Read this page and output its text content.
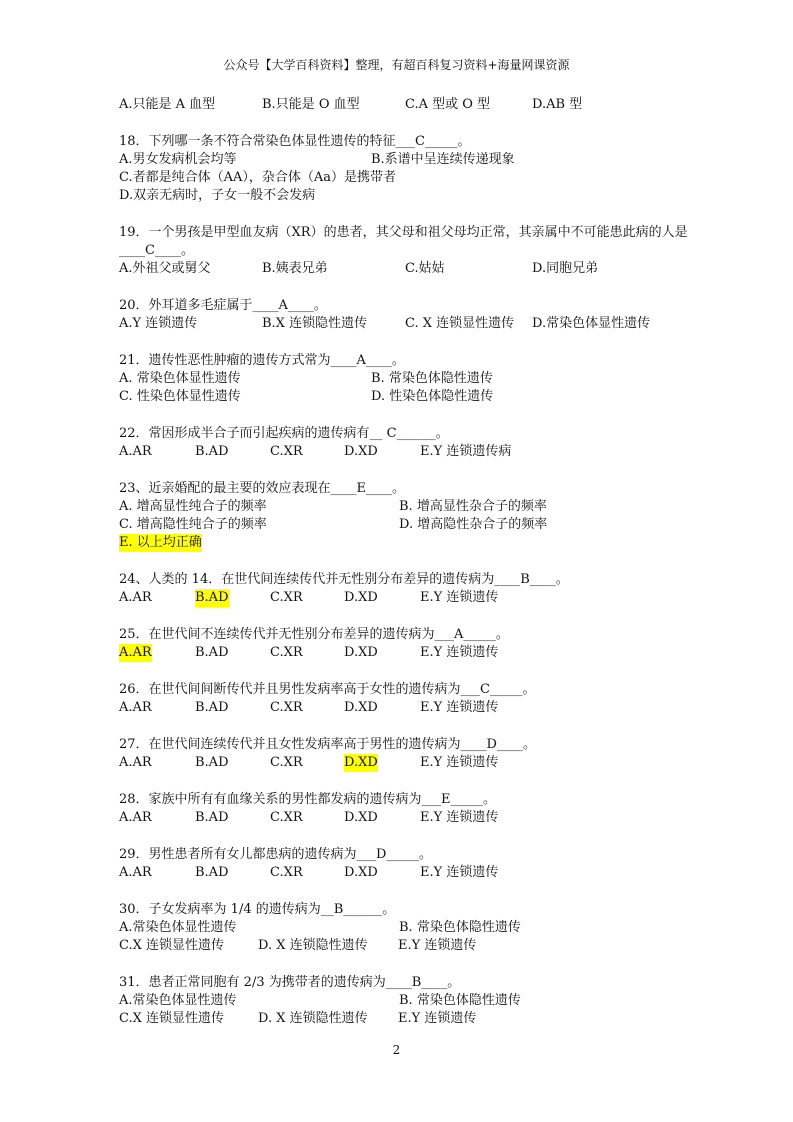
公众号【大学百科资料】整理，有超百科复习资料+海量网课资源
A.只能是 A 血型	B.只能是 O 血型	C.A 型或 O 型	D.AB 型
18．下列哪一条不符合常染色体显性遗传的特征___C_____。
A.男女发病机会均等	B.系谱中呈连续传递现象
C.者都是纯合体（AA），杂合体（Aa）是携带者
D.双亲无病时，子女一般不会发病
19．一个男孩是甲型血友病（XR）的患者，其父母和祖父母均正常，其亲属中不可能患此病的人是____C____。
A.外祖父或舅父	B.姨表兄弟	C.姑姑	D.同胞兄弟
20．外耳道多毛症属于____A____。
A.Y 连锁遗传	B.X 连锁隐性遗传	C. X 连锁显性遗传 D.常染色体显性遗传
21．遗传性恶性肿瘤的遗传方式常为____A____。
A. 常染色体显性遗传	B. 常染色体隐性遗传
C. 性染色体显性遗传	D. 性染色体隐性遗传
22．常因形成半合子而引起疾病的遗传病有__ C______。
A.AR	B.AD	C.XR	D.XD	E.Y 连锁遗传病
23、近亲婚配的最主要的效应表现在____E____。
A. 增高显性纯合子的频率	B. 增高显性杂合子的频率
C. 增高隐性纯合子的频率	D. 增高隐性杂合子的频率
E. 以上均正确
24、人类的 14．在世代间连续传代并无性别分布差异的遗传病为____B____。
A.AR	B.AD	C.XR	D.XD	E.Y 连锁遗传
25．在世代间不连续传代并无性别分布差异的遗传病为___A_____。
A.AR	B.AD	C.XR	D.XD	E.Y 连锁遗传
26．在世代间间断传代并且男性发病率高于女性的遗传病为___C_____。
A.AR	B.AD	C.XR	D.XD	E.Y 连锁遗传
27．在世代间连续传代并且女性发病率高于男性的遗传病为____D____。
A.AR	B.AD	C.XR	D.XD	E.Y 连锁遗传
28．家族中所有有血缘关系的男性都发病的遗传病为___E_____。
A.AR	B.AD	C.XR	D.XD	E.Y 连锁遗传
29．男性患者所有女儿都患病的遗传病为___D_____。
A.AR	B.AD	C.XR	D.XD	E.Y 连锁遗传
30．子女发病率为 1/4 的遗传病为__B______。
A.常染色体显性遗传	B. 常染色体隐性遗传
C.X 连锁显性遗传	D. X 连锁隐性遗传 E.Y 连锁遗传
31．患者正常同胞有 2/3 为携带者的遗传病为____B____。
A.常染色体显性遗传	B. 常染色体隐性遗传
C.X 连锁显性遗传	D. X 连锁隐性遗传 E.Y 连锁遗传
2
